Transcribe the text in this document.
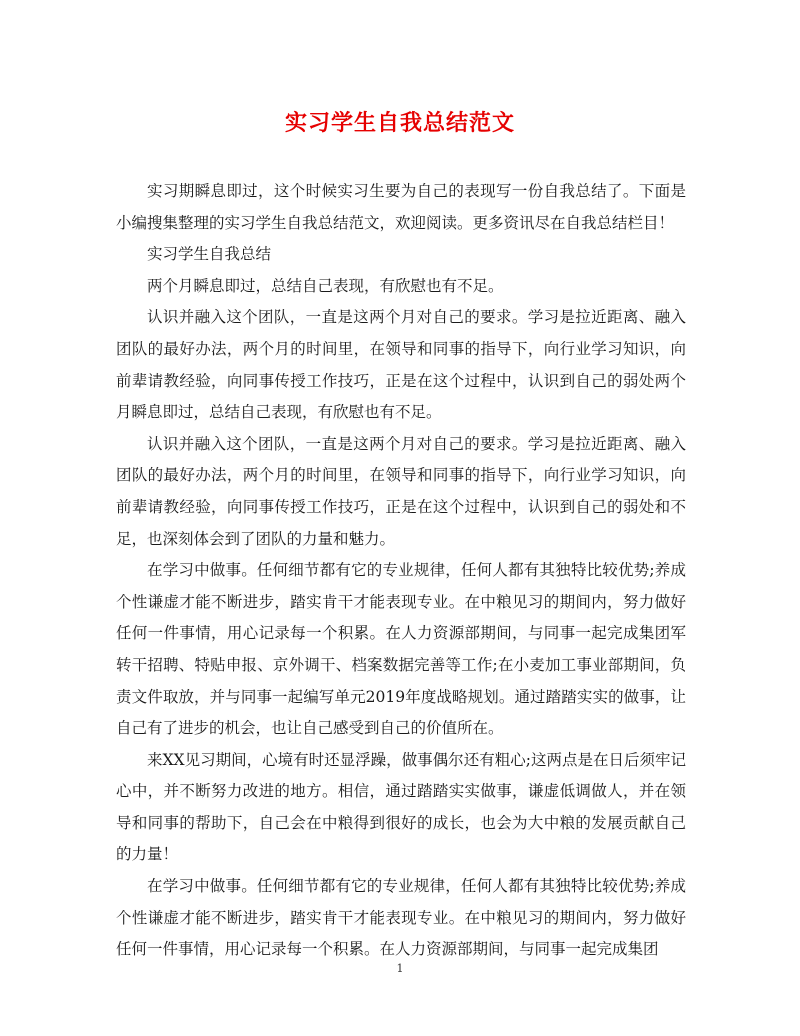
实习学生自我总结范文

实习期瞬息即过，这个时候实习生要为自己的表现写一份自我总结了。下面是小编搜集整理的实习学生自我总结范文，欢迎阅读。更多资讯尽在自我总结栏目！

实习学生自我总结

两个月瞬息即过，总结自己表现，有欣慰也有不足。

认识并融入这个团队，一直是这两个月对自己的要求。学习是拉近距离、融入团队的最好办法，两个月的时间里，在领导和同事的指导下，向行业学习知识，向前辈请教经验，向同事传授工作技巧，正是在这个过程中，认识到自己的弱处两个月瞬息即过，总结自己表现，有欣慰也有不足。

认识并融入这个团队，一直是这两个月对自己的要求。学习是拉近距离、融入团队的最好办法，两个月的时间里，在领导和同事的指导下，向行业学习知识，向前辈请教经验，向同事传授工作技巧，正是在这个过程中，认识到自己的弱处和不足，也深刻体会到了团队的力量和魅力。

在学习中做事。任何细节都有它的专业规律，任何人都有其独特比较优势;养成个性谦虚才能不断进步，踏实肯干才能表现专业。在中粮见习的期间内，努力做好任何一件事情，用心记录每一个积累。在人力资源部期间，与同事一起完成集团军转干招聘、特贴申报、京外调干、档案数据完善等工作;在小麦加工事业部期间，负责文件取放，并与同事一起编写单元2019年度战略规划。通过踏踏实实的做事，让自己有了进步的机会，也让自己感受到自己的价值所在。

来XX见习期间，心境有时还显浮躁，做事偶尔还有粗心;这两点是在日后须牢记心中，并不断努力改进的地方。相信，通过踏踏实实做事，谦虚低调做人，并在领导和同事的帮助下，自己会在中粮得到很好的成长，也会为大中粮的发展贡献自己的力量！

在学习中做事。任何细节都有它的专业规律，任何人都有其独特比较优势;养成个性谦虚才能不断进步，踏实肯干才能表现专业。在中粮见习的期间内，努力做好任何一件事情，用心记录每一个积累。在人力资源部期间，与同事一起完成集团

1
